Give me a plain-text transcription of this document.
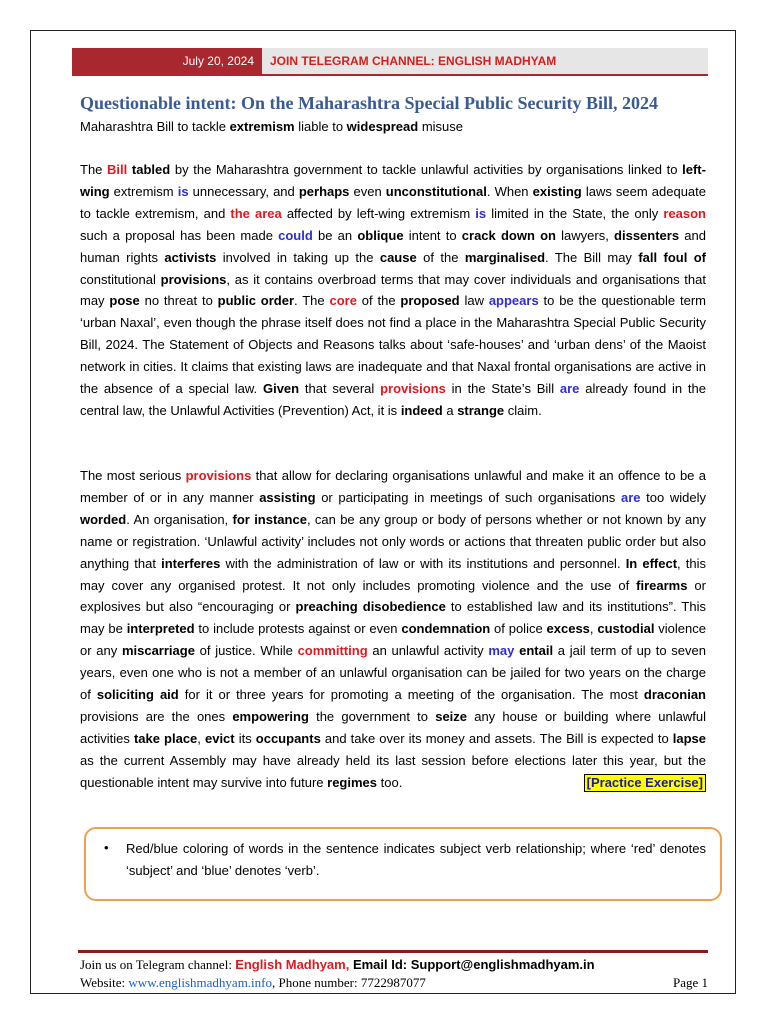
July 20, 2024	JOIN TELEGRAM CHANNEL: ENGLISH MADHYAM
Questionable intent: On the Maharashtra Special Public Security Bill, 2024
Maharashtra Bill to tackle extremism liable to widespread misuse
The Bill tabled by the Maharashtra government to tackle unlawful activities by organisations linked to left-wing extremism is unnecessary, and perhaps even unconstitutional. When existing laws seem adequate to tackle extremism, and the area affected by left-wing extremism is limited in the State, the only reason such a proposal has been made could be an oblique intent to crack down on lawyers, dissenters and human rights activists involved in taking up the cause of the marginalised. The Bill may fall foul of constitutional provisions, as it contains overbroad terms that may cover individuals and organisations that may pose no threat to public order. The core of the proposed law appears to be the questionable term ‘urban Naxal’, even though the phrase itself does not find a place in the Maharashtra Special Public Security Bill, 2024. The Statement of Objects and Reasons talks about ‘safe-houses’ and ‘urban dens’ of the Maoist network in cities. It claims that existing laws are inadequate and that Naxal frontal organisations are active in the absence of a special law. Given that several provisions in the State’s Bill are already found in the central law, the Unlawful Activities (Prevention) Act, it is indeed a strange claim.
The most serious provisions that allow for declaring organisations unlawful and make it an offence to be a member of or in any manner assisting or participating in meetings of such organisations are too widely worded. An organisation, for instance, can be any group or body of persons whether or not known by any name or registration. ‘Unlawful activity’ includes not only words or actions that threaten public order but also anything that interferes with the administration of law or with its institutions and personnel. In effect, this may cover any organised protest. It not only includes promoting violence and the use of firearms or explosives but also “encouraging or preaching disobedience to established law and its institutions”. This may be interpreted to include protests against or even condemnation of police excess, custodial violence or any miscarriage of justice. While committing an unlawful activity may entail a jail term of up to seven years, even one who is not a member of an unlawful organisation can be jailed for two years on the charge of soliciting aid for it or three years for promoting a meeting of the organisation. The most draconian provisions are the ones empowering the government to seize any house or building where unlawful activities take place, evict its occupants and take over its money and assets. The Bill is expected to lapse as the current Assembly may have already held its last session before elections later this year, but the questionable intent may survive into future regimes too.	[Practice Exercise]
• Red/blue coloring of words in the sentence indicates subject verb relationship; where ‘red’ denotes ‘subject’ and ‘blue’ denotes ‘verb’.
Join us on Telegram channel: English Madhyam, Email Id: Support@englishmadhyam.in
Website: www.englishmadhyam.info, Phone number: 7722987077	Page 1
